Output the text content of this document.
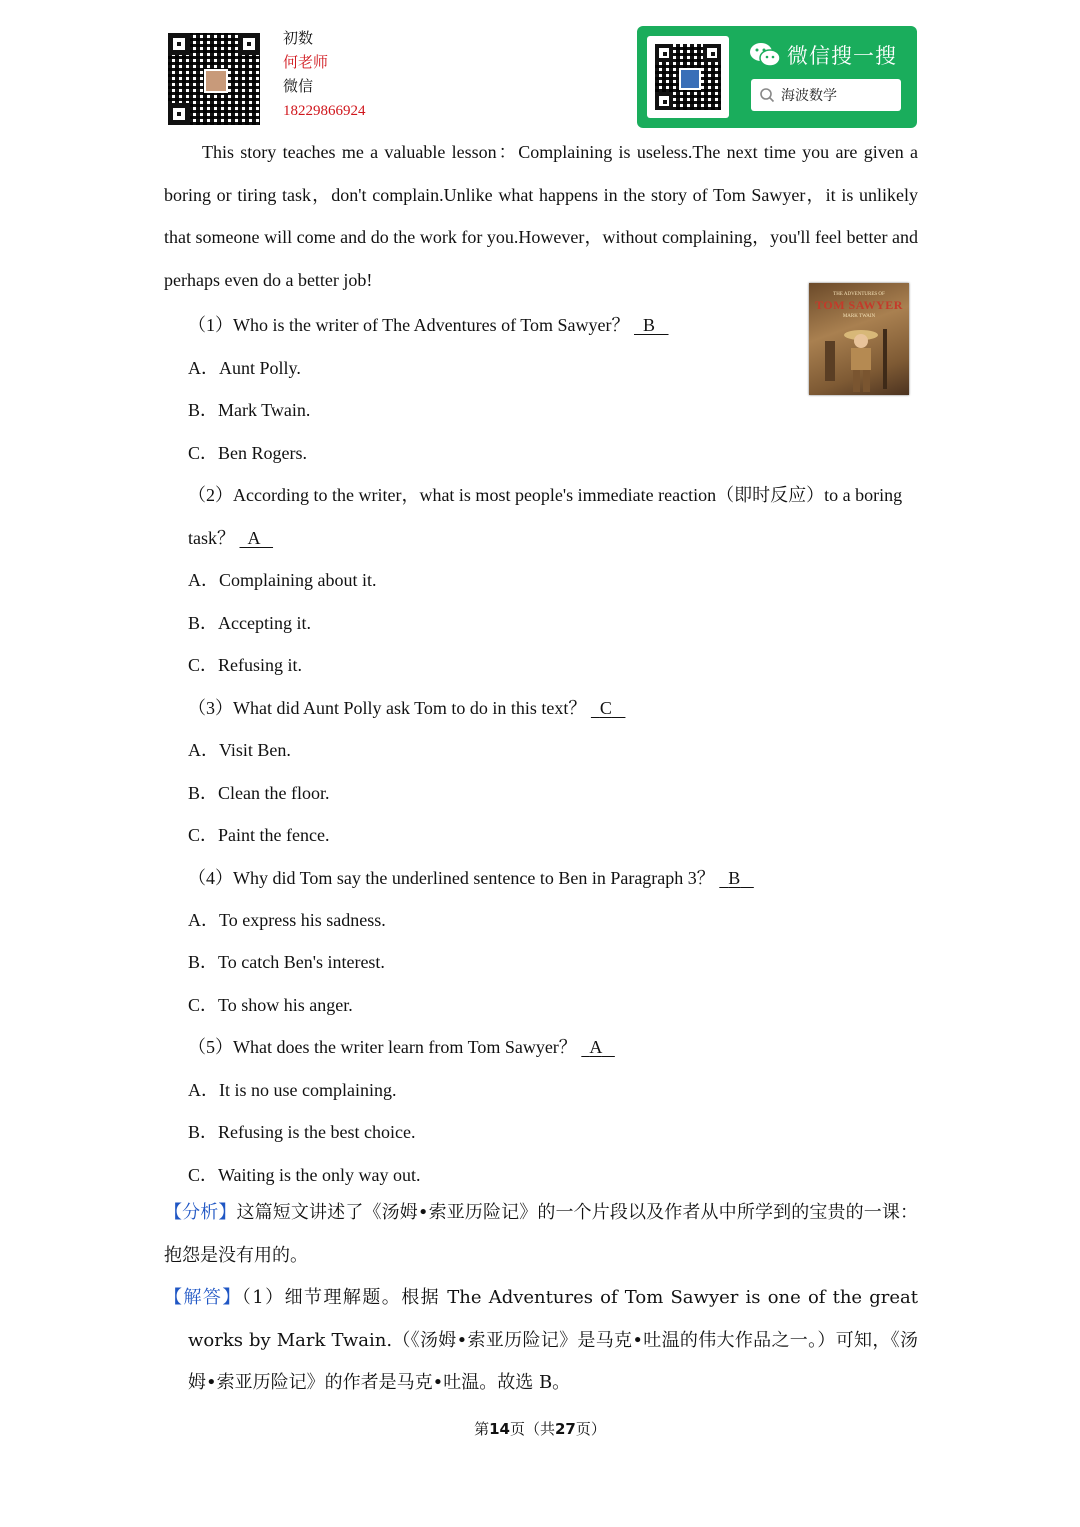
初数
何老师
微信
18229866924
微信搜一搜
海波数学
This story teaches me a valuable lesson：Complaining is useless.The next time you are given a boring or tiring task，don't complain.Unlike what happens in the story of Tom Sawyer，it is unlikely that someone will come and do the work for you.However，without complaining，you'll feel better and perhaps even do a better job!
THE ADVENTURES OF
TOM SAWYER
MARK TWAIN
（1）Who is the writer of The Adventures of Tom Sawyer？ B
A．Aunt Polly.
B．Mark Twain.
C．Ben Rogers.
（2）According to the writer，what is most people's immediate reaction（即时反应）to a boring
task？ A
A．Complaining about it.
B．Accepting it.
C．Refusing it.
（3）What did Aunt Polly ask Tom to do in this text？ C
A．Visit Ben.
B．Clean the floor.
C．Paint the fence.
（4）Why did Tom say the underlined sentence to Ben in Paragraph 3？ B
A．To express his sadness.
B．To catch Ben's interest.
C．To show his anger.
（5）What does the writer learn from Tom Sawyer？ A
A．It is no use complaining.
B．Refusing is the best choice.
C．Waiting is the only way out.
【分析】这篇短文讲述了《汤姆•索亚历险记》的一个片段以及作者从中所学到的宝贵的一课：抱怨是没有用的。
【解答】（1）细节理解题。根据 The Adventures of Tom Sawyer is one of the great works by Mark Twain.（《汤姆•索亚历险记》是马克•吐温的伟大作品之一。）可知，《汤姆•索亚历险记》的作者是马克•吐温。故选 B。
第14页（共27页）
